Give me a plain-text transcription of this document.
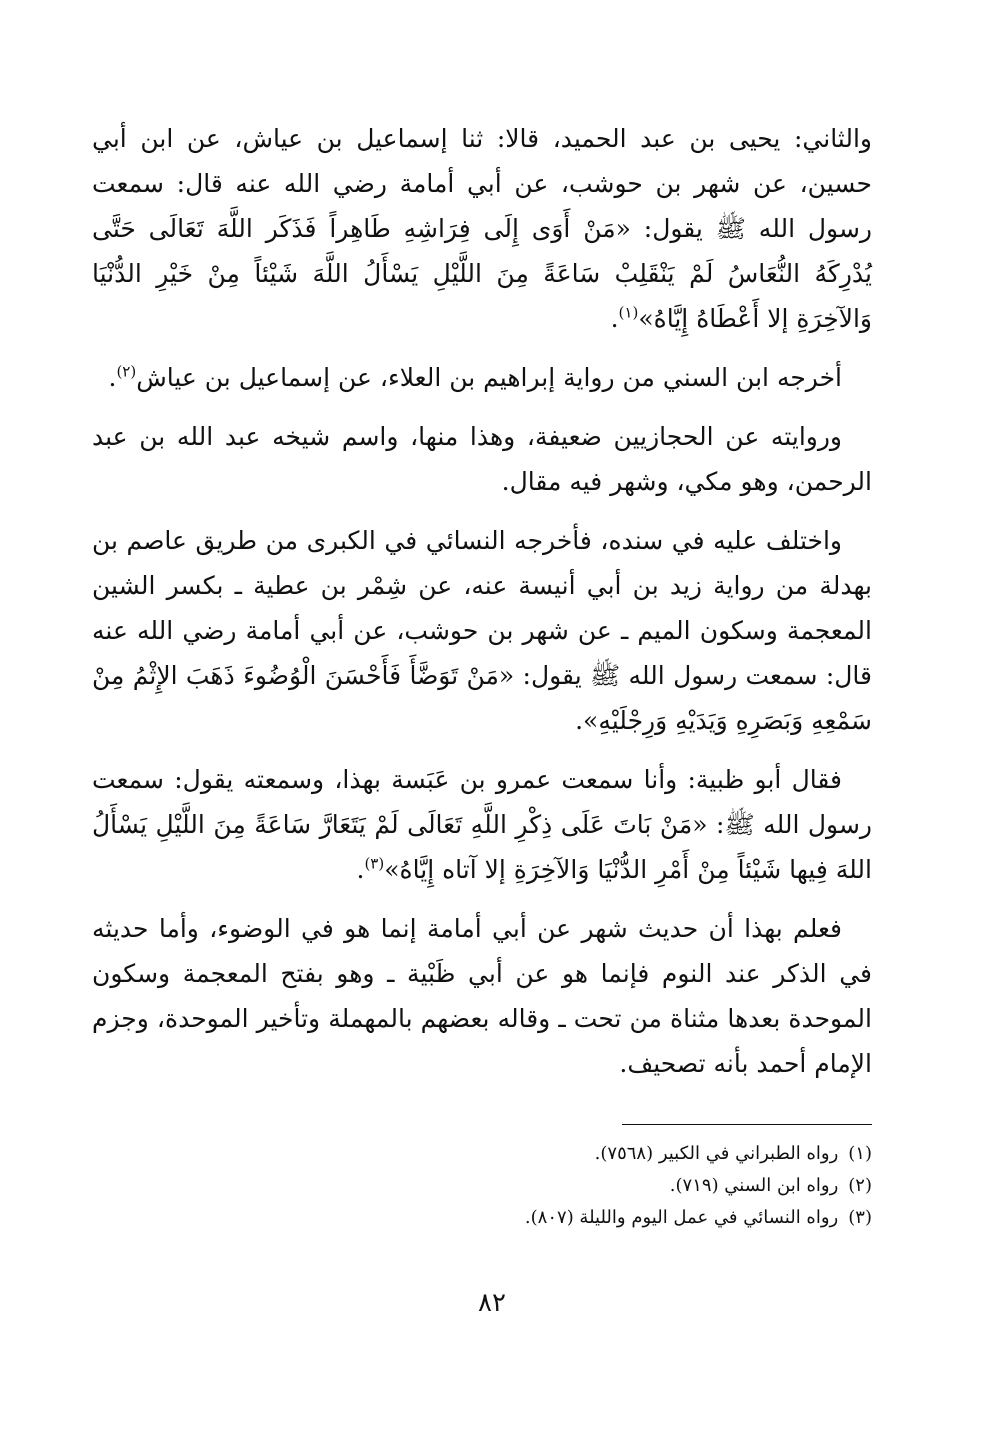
والثاني: يحيى بن عبد الحميد، قالا: ثنا إسماعيل بن عياش، عن ابن أبي حسين، عن شهر بن حوشب، عن أبي أمامة رضي الله عنه قال: سمعت رسول الله ﷺ يقول: «مَنْ أَوَى إِلَى فِرَاشِهِ طَاهِراً فَذَكَر اللَّهَ تَعَالَى حَتَّى يُدْرِكَهُ النُّعَاسُ لَمْ يَنْقَلِبْ سَاعَةً مِنَ اللَّيْلِ يَسْأَلُ اللَّهَ شَيْئاً مِنْ خَيْرِ الدُّنْيَا وَالآخِرَةِ إلا أَعْطَاهُ إِيَّاهُ»$^{(١)}$.

أخرجه ابن السني من رواية إبراهيم بن العلاء، عن إسماعيل بن عياش$^{(٢)}$.

وروايته عن الحجازيين ضعيفة، وهذا منها، واسم شيخه عبد الله بن عبد الرحمن، وهو مكي، وشهر فيه مقال.

واختلف عليه في سنده، فأخرجه النسائي في الكبرى من طريق عاصم بن بهدلة من رواية زيد بن أبي أنيسة عنه، عن شِمْر بن عطية ـ بكسر الشين المعجمة وسكون الميم ـ عن شهر بن حوشب، عن أبي أمامة رضي الله عنه قال: سمعت رسول الله ﷺ يقول: «مَنْ تَوَضَّأَ فَأَحْسَنَ الْوُضُوءَ ذَهَبَ الإِثْمُ مِنْ سَمْعِهِ وَبَصَرِهِ وَيَدَيْهِ وَرِجْلَيْهِ».

فقال أبو ظبية: وأنا سمعت عمرو بن عَبَسة بهذا، وسمعته يقول: سمعت رسول الله ﷺ: «مَنْ بَاتَ عَلَى ذِكْرِ اللَّهِ تَعَالَى لَمْ يَتَعَارَّ سَاعَةً مِنَ اللَّيْلِ يَسْأَلُ اللهَ فِيها شَيْئاً مِنْ أَمْرِ الدُّنْيَا وَالآخِرَةِ إلا آتاه إِيَّاهُ»$^{(٣)}$.

فعلم بهذا أن حديث شهر عن أبي أمامة إنما هو في الوضوء، وأما حديثه في الذكر عند النوم فإنما هو عن أبي ظَبْية ـ وهو بفتح المعجمة وسكون الموحدة بعدها مثناة من تحت ـ وقاله بعضهم بالمهملة وتأخير الموحدة، وجزم الإمام أحمد بأنه تصحيف.

(١)رواه الطبراني في الكبير (٧٥٦٨).

(٢)رواه ابن السني (٧١٩).

(٣)رواه النسائي في عمل اليوم والليلة (٨٠٧).

٨٢
